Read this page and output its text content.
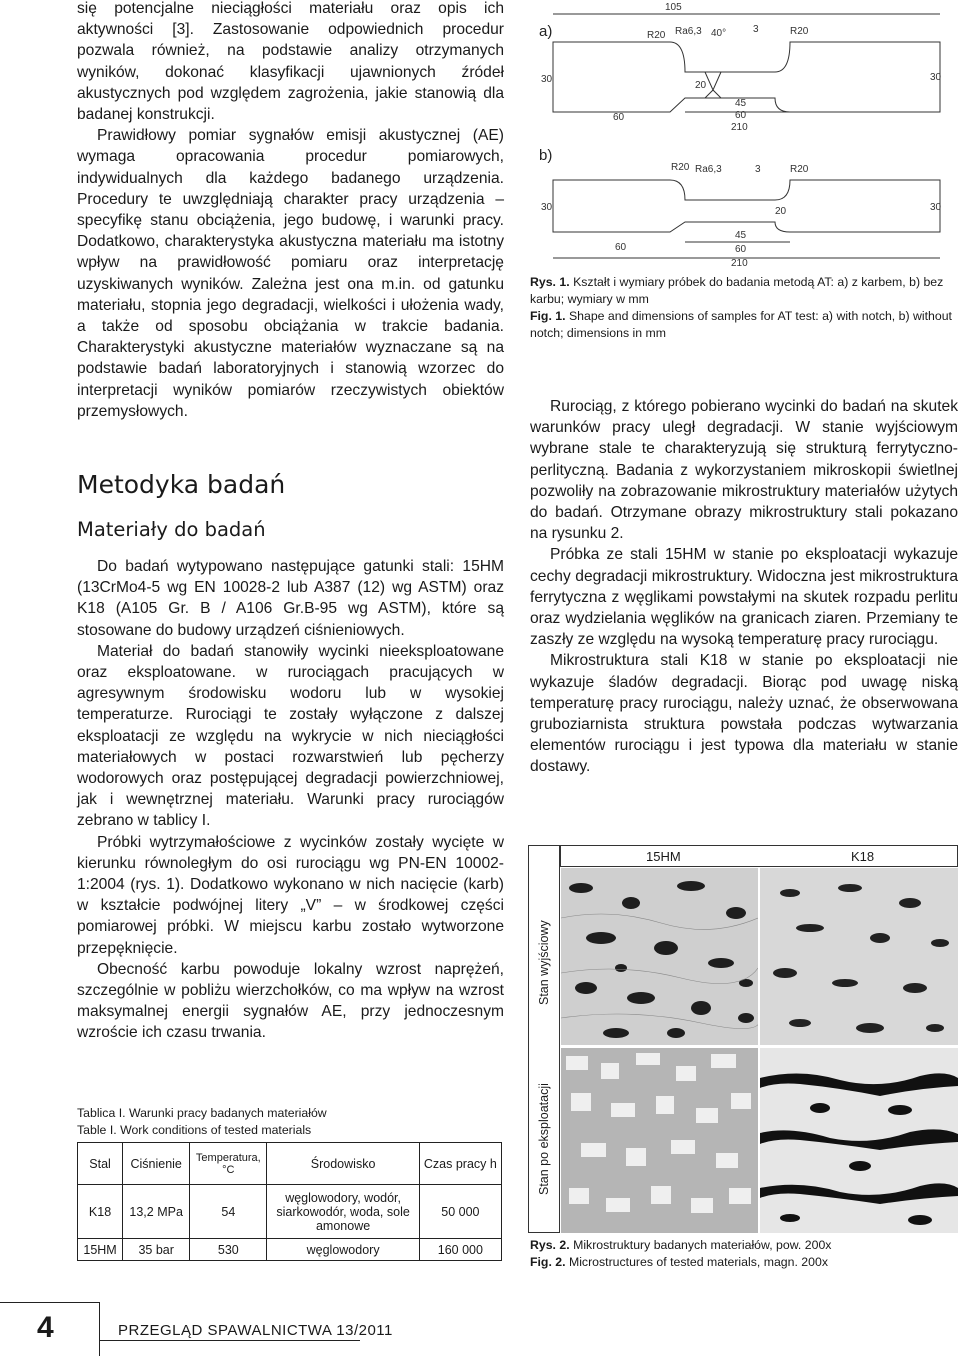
się potencjalne nieciągłości materiału oraz opis ich aktywności [3]. Zastosowanie odpowiednich procedur pozwala również, na podstawie analizy otrzymanych wyników, dokonać klasyfikacji ujawnionych źródeł akustycznych pod względem zagrożenia, jakie stanowią dla badanej konstrukcji.

Prawidłowy pomiar sygnałów emisji akustycznej (AE) wymaga opracowania procedur pomiarowych, indywidualnych dla każdego badanego urządzenia. Procedury te uwzględniają charakter pracy urządzenia – specyfikę stanu obciążenia, jego budowę, i warunki pracy. Dodatkowo, charakterystyka akustyczna materiału ma istotny wpływ na prawidłowość pomiaru oraz interpretację uzyskiwanych wyników. Zależna jest ona m.in. od gatunku materiału, stopnia jego degradacji, wielkości i ułożenia wady, a także od sposobu obciążania w trakcie badania. Charakterystyki akustyczne materiałów wyznaczane są na podstawie badań laboratoryjnych i stanowią wzorzec do interpretacji wyników pomiarów rzeczywistych obiektów przemysłowych.

Metodyka badań
Materiały do badań

Do badań wytypowano następujące gatunki stali: 15HM (13CrMo4-5 wg EN 10028-2 lub A387 (12) wg ASTM) oraz K18 (A105 Gr. B / A106 Gr.B-95 wg ASTM), które są stosowane do budowy urządzeń ciśnieniowych.

Materiał do badań stanowiły wycinki nieeksploatowane oraz eksploatowane. w rurociągach pracujących w agresywnym środowisku wodoru lub w wysokiej temperaturze. Rurociągi te zostały wyłączone z dalszej eksploatacji ze względu na wykrycie w nich nieciągłości materiałowych w postaci rozwarstwień lub pęcherzy wodorowych oraz postępującej degradacji powierzchniowej, jak i wewnętrznej materiału. Warunki pracy rurociągów zebrano w tablicy I.

Próbki wytrzymałościowe z wycinków zostały wycięte w kierunku równoległym do osi rurociągu wg PN-EN 10002-1:2004 (rys. 1). Dodatkowo wykonano w nich nacięcie (karb) w kształcie podwójnej litery „V” – w środkowej części pomiarowej próbki. W miejscu karbu zostało wytworzone przepęknięcie.

Obecność karbu powoduje lokalny wzrost naprężeń, szczególnie w pobliżu wierzchołków, co ma wpływ na wzrost maksymalnej energii sygnałów AE, przy jednoczesnym wzroście ich czasu trwania.

Tablica I. Warunki pracy badanych materiałów
Table I. Work conditions of tested materials
Stal	Ciśnienie	Temperatura, °C	Środowisko	Czas pracy h
K18	13,2 MPa	54	węglowodory, wodór, siarkowodór, woda, sole amonowe	50 000
15HM	35 bar	530	węglowodory	160 000
a)
105
R20 Ra6,3 40°	3	R20
30
20
30
45
60	60
210
b)
R20 Ra6,3	3	R20
30	20	30
45
60	60
210
Rys. 1. Kształt i wymiary próbek do badania metodą AT: a) z karbem, b) bez karbu; wymiary w mm
Fig. 1. Shape and dimensions of samples for AT test: a) with notch, b) without notch; dimensions in mm

Rurociąg, z którego pobierano wycinki do badań na skutek warunków pracy uległ degradacji. W stanie wyjściowym wybrane stale te charakteryzują się strukturą ferrytyczno-perlityczną. Badania z wykorzystaniem mikroskopii świetlnej pozwoliły na zobrazowanie mikrostruktury materiałów użytych do badań. Otrzymane obrazy mikrostruktury stali pokazano na rysunku 2.

Próbka ze stali 15HM w stanie po eksploatacji wykazuje cechy degradacji mikrostruktury. Widoczna jest mikrostruktura ferrytyczna z węglikami powstałymi na skutek rozpadu perlitu oraz wydzielania węglików na granicach ziaren. Przemiany te zaszły ze względu na wysoką temperaturę pracy rurociągu.

Mikrostruktura stali K18 w stanie po eksploatacji nie wykazuje śladów degradacji. Biorąc pod uwagę niską temperaturę pracy rurociągu, należy uznać, że obserwowana gruboziarnista struktura powstała podczas wytwarzania elementów rurociągu i jest typowa dla materiału w stanie dostawy.

15HM	K18
Stan wyjściowy
Stan po eksploatacji
Rys. 2. Mikrostruktury badanych materiałów, pow. 200x
Fig. 2. Microstructures of tested materials, magn. 200x
4	PRZEGLĄD SPAWALNICTWA 13/2011
